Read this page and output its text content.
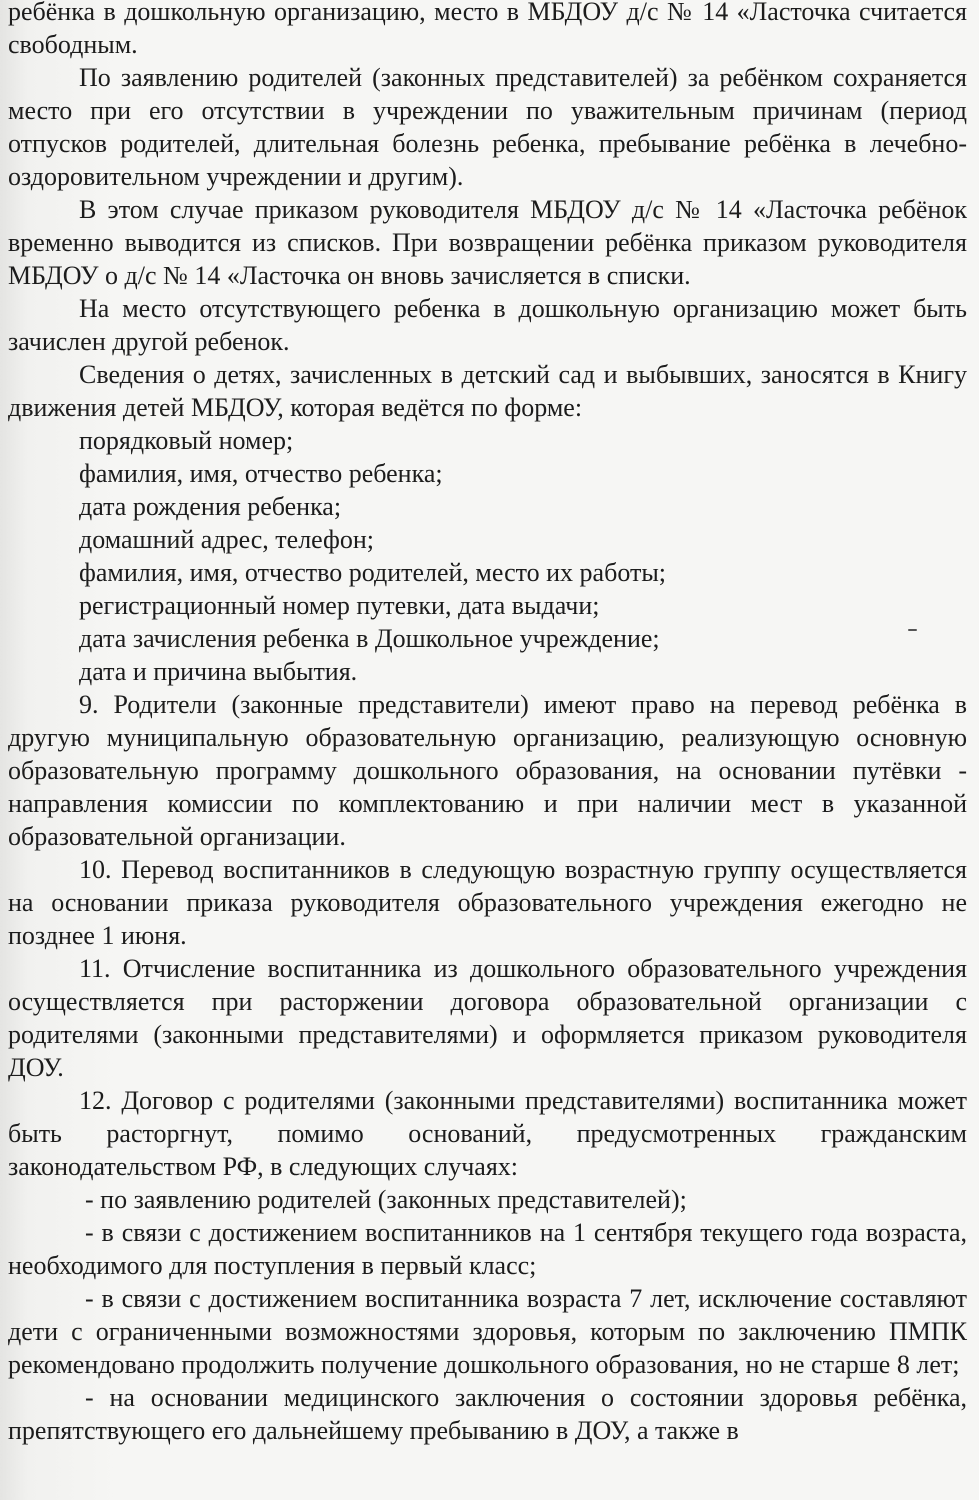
ребёнка в дошкольную организацию, место в МБДОУ д/с № 14 «Ласточка считается свободным.

По заявлению родителей (законных представителей) за ребёнком сохраняется место при его отсутствии в учреждении по уважительным причинам (период отпусков родителей, длительная болезнь ребенка, пребывание ребёнка в лечебно-оздоровительном учреждении и другим).

В этом случае приказом руководителя МБДОУ д/с № 14 «Ласточка ребёнок временно выводится из списков. При возвращении ребёнка приказом руководителя МБДОУ о д/с № 14 «Ласточка он вновь зачисляется в списки.

На место отсутствующего ребенка в дошкольную организацию может быть зачислен другой ребенок.

Сведения о детях, зачисленных в детский сад и выбывших, заносятся в Книгу движения детей МБДОУ, которая ведётся по форме:

порядковый номер;

фамилия, имя, отчество ребенка;

дата рождения ребенка;

домашний адрес, телефон;

фамилия, имя, отчество родителей, место их работы;

регистрационный номер путевки, дата выдачи;

дата зачисления ребенка в Дошкольное учреждение;

дата и причина выбытия.

9. Родители (законные представители) имеют право на перевод ребёнка в другую муниципальную образовательную организацию, реализующую основную образовательную программу дошкольного образования, на основании путёвки - направления комиссии по комплектованию и при наличии мест в указанной образовательной организации.

10. Перевод воспитанников в следующую возрастную группу осуществляется на основании приказа руководителя образовательного учреждения ежегодно не позднее 1 июня.

11. Отчисление воспитанника из дошкольного образовательного учреждения осуществляется при расторжении договора образовательной организации с родителями (законными представителями) и оформляется приказом руководителя ДОУ.

12. Договор с родителями (законными представителями) воспитанника может быть расторгнут, помимо оснований, предусмотренных гражданским законодательством РФ, в следующих случаях:

- по заявлению родителей (законных представителей);

- в связи с достижением воспитанников на 1 сентября текущего года возраста, необходимого для поступления в первый класс;

- в связи с достижением воспитанника возраста 7 лет, исключение составляют дети с ограниченными возможностями здоровья, которым по заключению ПМПК рекомендовано продолжить получение дошкольного образования, но не старше 8 лет;

- на основании медицинского заключения о состоянии здоровья ребёнка, препятствующего его дальнейшему пребыванию в ДОУ, а также в
